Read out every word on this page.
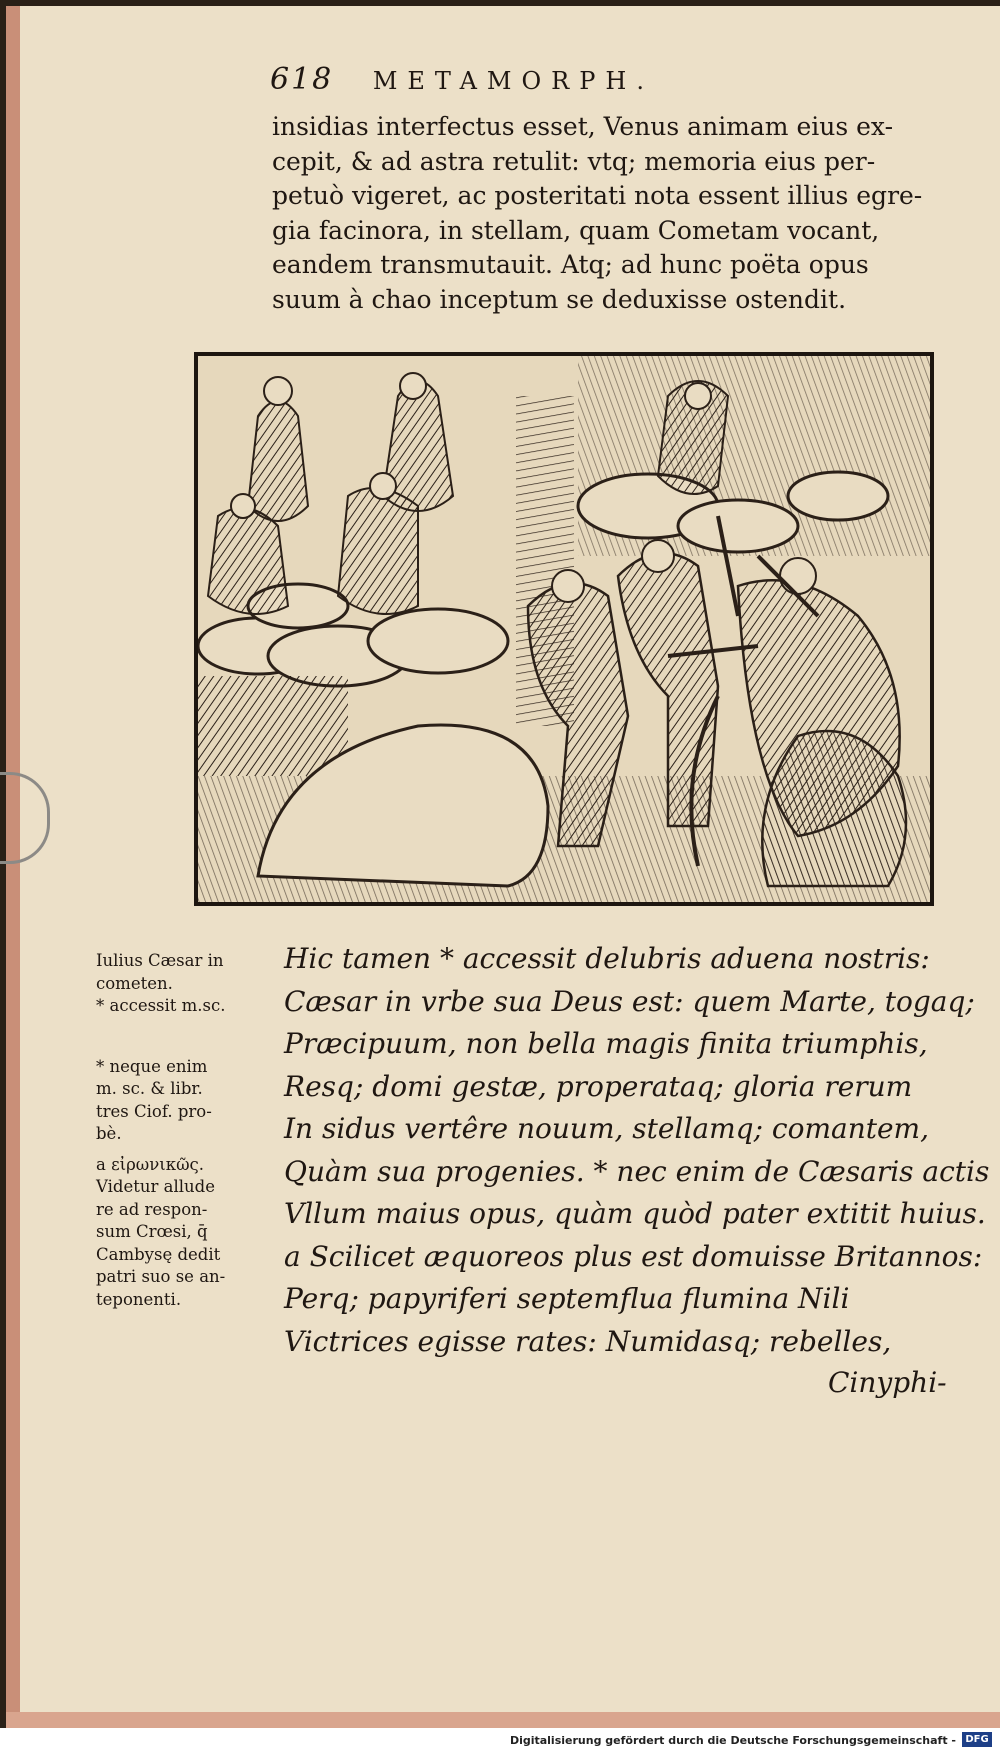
618 METAMORPH.
insidias interfectus esset, Venus animam eius ex-
cepit, & ad astra retulit: vtq; memoria eius per-
petuò vigeret, ac posteritati nota essent illius egre-
gia facinora, in stellam, quam Cometam vocant,
eandem transmutauit. Atq; ad hunc poëta opus
suum à chao inceptum se deduxisse ostendit.
Iulius Cæsar in
cometen.
* accessit m.sc.
* neque enim
m. sc. & libr.
tres Ciof. pro-
bè.
a εἰρωνικῶς.
Videtur allude
re ad respon-
sum Crœsi, q̄
Cambysę dedit
patri suo se an-
teponenti.
Hic tamen * accessit delubris aduena nostris:
Cæsar in vrbe sua Deus est: quem Marte, togaq;
Præcipuum, non bella magis finita triumphis,
Resq; domi gestæ, properataq; gloria rerum
In sidus vertêre nouum, stellamq; comantem,
Quàm sua progenies. * nec enim de Cæsaris actis
Vllum maius opus, quàm quòd pater extitit huius.
a Scilicet æquoreos plus est domuisse Britannos:
Perq; papyriferi septemflua flumina Nili
Victrices egisse rates: Numidasq; rebelles,
Cinyphi-
Digitalisierung gefördert durch die Deutsche Forschungsgemeinschaft - DFG
